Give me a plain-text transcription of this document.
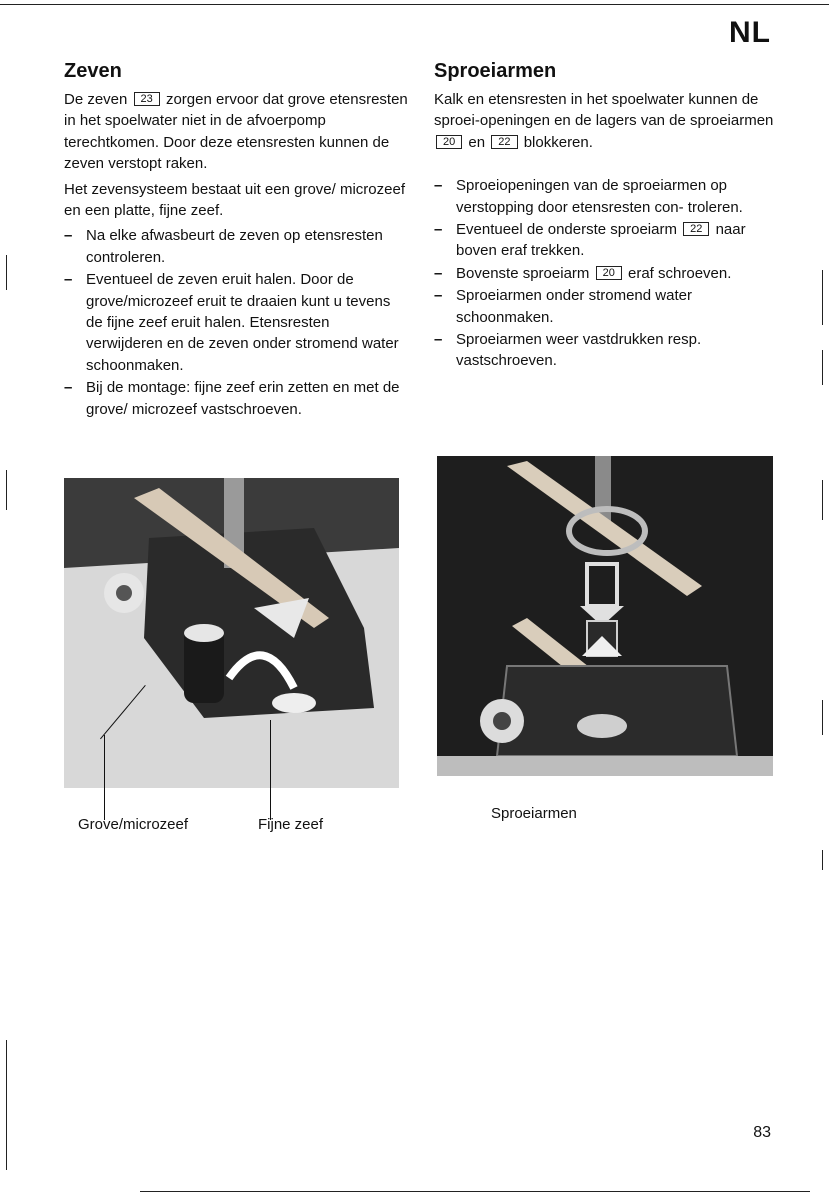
NL
Zeven

De zeven 23 zorgen ervoor dat grove etensresten in het spoelwater niet in de afvoerpomp terechtkomen. Door deze etensresten kunnen de zeven verstopt raken.

Het zevensysteem bestaat uit een grove/ microzeef en een platte, fijne zeef.

– Na elke afwasbeurt de zeven op etensresten controleren.
– Eventueel de zeven eruit halen. Door de grove/microzeef eruit te draaien kunt u tevens de fijne zeef eruit halen. Etensresten verwijderen en de zeven onder stromend water schoonmaken.
– Bij de montage: fijne zeef erin zetten en met de grove/ microzeef vastschroeven.
Grove/microzeef	Fijne zeef
Sproeiarmen

Kalk en etensresten in het spoelwater kunnen de sproei-openingen en de lagers van de sproeiarmen 20 en 22 blokkeren.

– Sproeiopeningen van de sproeiarmen op verstopping door etensresten con- troleren.
– Eventueel de onderste sproeiarm 22 naar boven eraf trekken.
– Bovenste sproeiarm 20 eraf schroeven.
– Sproeiarmen onder stromend water schoonmaken.
– Sproeiarmen weer vastdrukken resp. vastschroeven.
Sproeiarmen
83
